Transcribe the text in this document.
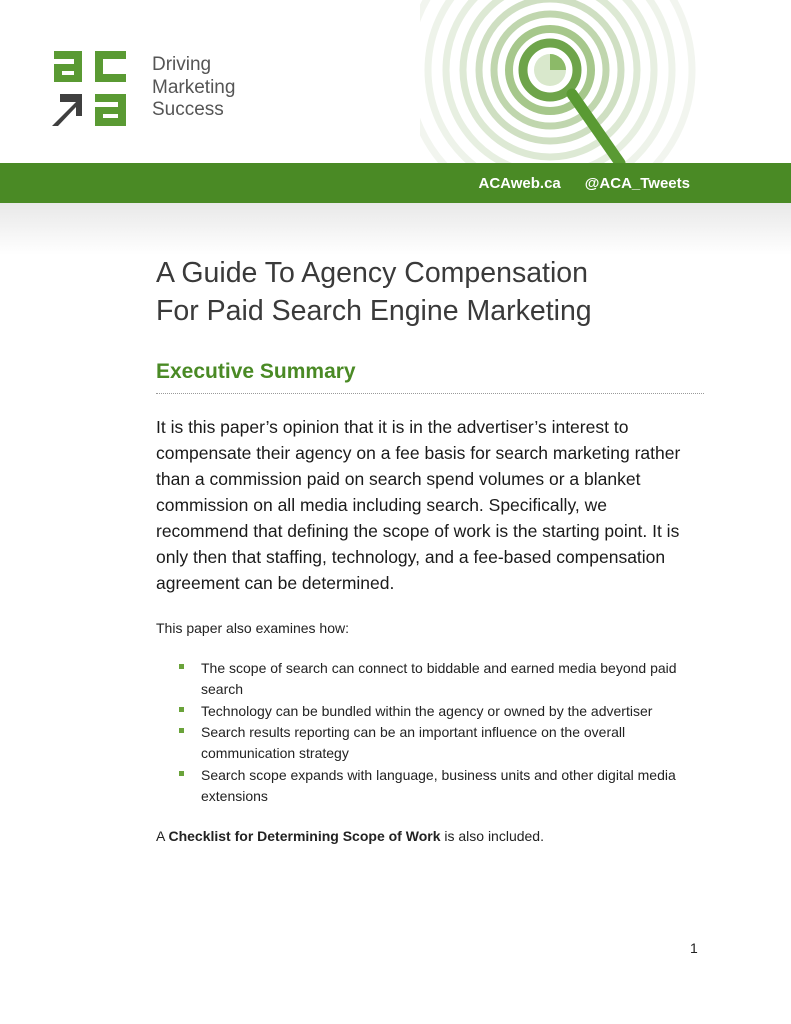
Driving
Marketing
Success
ACAweb.ca @ACA_Tweets
A Guide To Agency Compensation
For Paid Search Engine Marketing
Executive Summary

It is this paper’s opinion that it is in the advertiser’s interest to compensate their agency on a fee basis for search marketing rather than a commission paid on search spend volumes or a blanket commission on all media including search. Specifically, we recommend that defining the scope of work is the starting point. It is only then that staffing, technology, and a fee-based compensation agreement can be determined.

This paper also examines how:

The scope of search can connect to biddable and earned media beyond paid search
Technology can be bundled within the agency or owned by the advertiser
Search results reporting can be an important influence on the overall communication strategy
Search scope expands with language, business units and other digital media extensions

A Checklist for Determining Scope of Work is also included.

1
